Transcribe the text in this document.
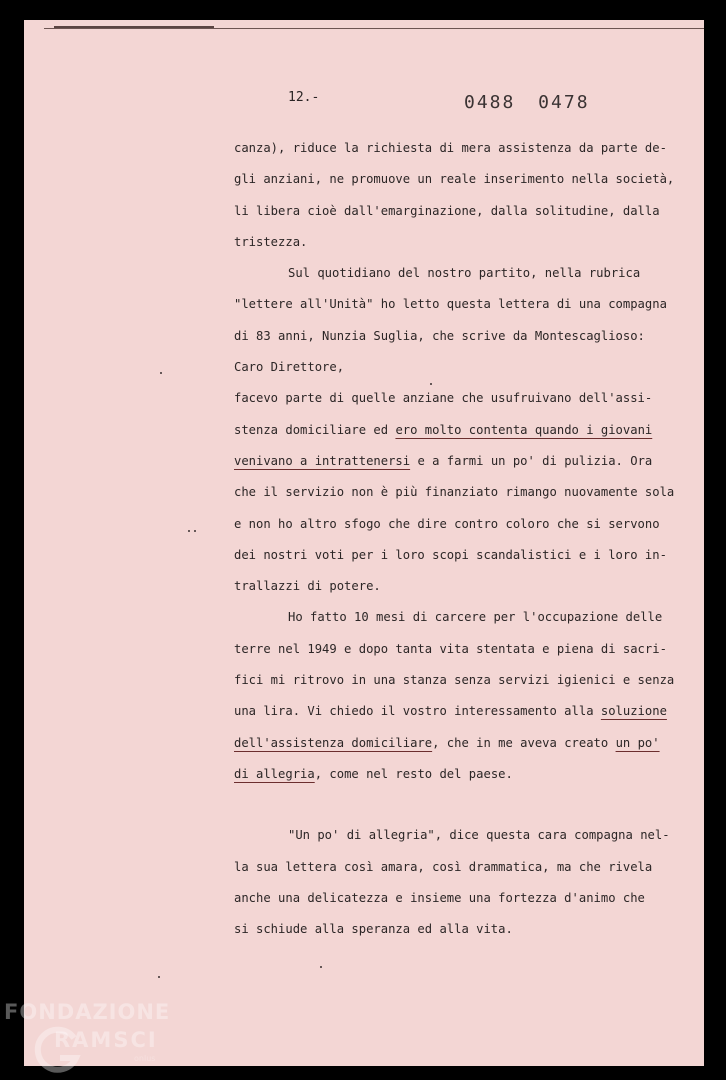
12.-	0488 0478
canza), riduce la richiesta di mera assistenza da parte de-
gli anziani, ne promuove un reale inserimento nella società,
li libera cioè dall'emarginazione, dalla solitudine, dalla
tristezza.
Sul quotidiano del nostro partito, nella rubrica
"lettere all'Unità" ho letto questa lettera di una compagna
di 83 anni, Nunzia Suglia, che scrive da Montescaglioso:
Caro Direttore,
facevo parte di quelle anziane che usufruivano dell'assi-
stenza domiciliare ed ero molto contenta quando i giovani
venivano a intrattenersi e a farmi un po' di pulizia. Ora
che il servizio non è più finanziato rimango nuovamente sola
e non ho altro sfogo che dire contro coloro che si servono
dei nostri voti per i loro scopi scandalistici e i loro in-
trallazzi di potere.
Ho fatto 10 mesi di carcere per l'occupazione delle
terre nel 1949 e dopo tanta vita stentata e piena di sacri-
fici mi ritrovo in una stanza senza servizi igienici e senza
una lira. Vi chiedo il vostro interessamento alla soluzione
dell'assistenza domiciliare, che in me aveva creato un po'
di allegria, come nel resto del paese.
"Un po' di allegria", dice questa cara compagna nel-
la sua lettera così amara, così drammatica, ma che rivela
anche una delicatezza e insieme una fortezza d'animo che
si schiude alla speranza ed alla vita.
FONDAZIONE
RAMSCI
onlus
